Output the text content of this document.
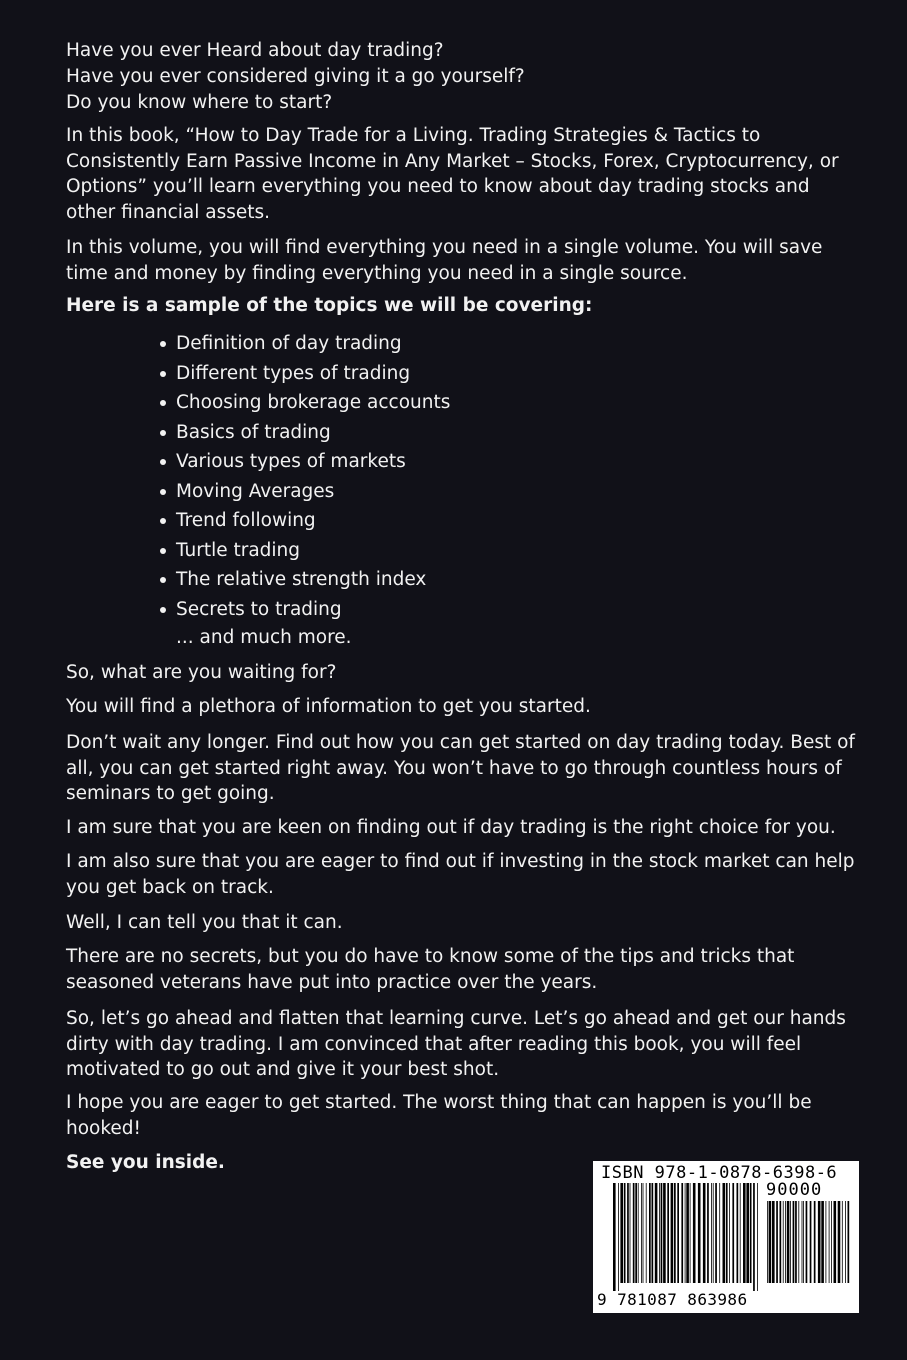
Have you ever Heard about day trading?

Have you ever considered giving it a go yourself?

Do you know where to start?

In this book, “How to Day Trade for a Living. Trading Strategies & Tactics to Consistently Earn Passive Income in Any Market – Stocks, Forex, Cryptocurrency, or Options” you’ll learn everything you need to know about day trading stocks and other financial assets.

In this volume, you will find everything you need in a single volume. You will save time and money by finding everything you need in a single source.

Here is a sample of the topics we will be covering:

Definition of day trading
Different types of trading
Choosing brokerage accounts
Basics of trading
Various types of markets
Moving Averages
Trend following
Turtle trading
The relative strength index
Secrets to trading
... and much more.

So, what are you waiting for?

You will find a plethora of information to get you started.

Don’t wait any longer. Find out how you can get started on day trading today. Best of all, you can get started right away. You won’t have to go through countless hours of seminars to get going.

I am sure that you are keen on finding out if day trading is the right choice for you.

I am also sure that you are eager to find out if investing in the stock market can help you get back on track.

Well, I can tell you that it can.

There are no secrets, but you do have to know some of the tips and tricks that seasoned veterans have put into practice over the years.

So, let’s go ahead and flatten that learning curve. Let’s go ahead and get our hands dirty with day trading. I am convinced that after reading this book, you will feel motivated to go out and give it your best shot.

I hope you are eager to get started. The worst thing that can happen is you’ll be hooked!

See you inside.	ISBN 978-1-0878-6398-6
90000
9 781087 863986
